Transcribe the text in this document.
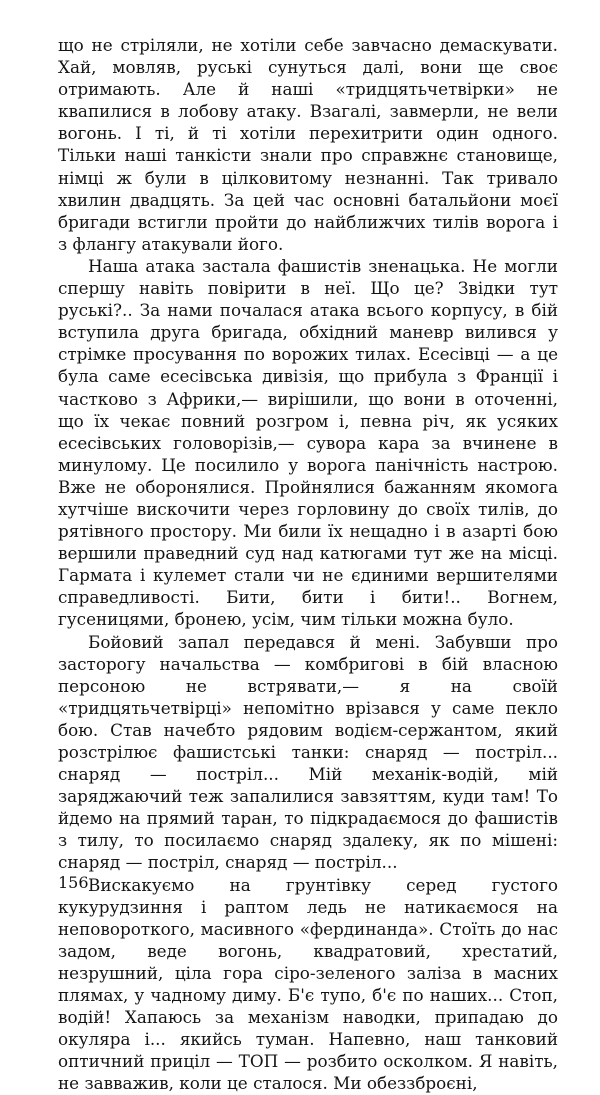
що не стріляли, не хотіли себе завчасно демаскувати. Хай, мовляв, руські сунуться далі, вони ще своє отримають. Але й наші «тридцятьчетвірки» не квапилися в лобову атаку. Взагалі, завмерли, не вели вогонь. І ті, й ті хотіли перехитрити один одного. Тільки наші танкісти знали про справжнє становище, німці ж були в цілковитому незнанні. Так тривало хвилин двадцять. За цей час основні батальйони моєї бригади встигли пройти до найближчих тилів ворога і з флангу атакували його.

Наша атака застала фашистів зненацька. Не могли спершу навіть повірити в неї. Що це? Звідки тут руські?.. За нами почалася атака всього корпусу, в бій вступила друга бригада, обхідний маневр вилився у стрімке просування по ворожих тилах. Есесівці — а це була саме есесівська дивізія, що прибула з Франції і частково з Африки,— вирішили, що вони в оточенні, що їх чекає повний розгром і, певна річ, як усяких есесівських головорізів,— сувора кара за вчинене в минулому. Це посилило у ворога панічність настрою. Вже не оборонялися. Пройнялися бажанням якомога хутчіше вискочити через горловину до своїх тилів, до рятівного простору. Ми били їх нещадно і в азарті бою вершили праведний суд над катюгами тут же на місці. Гармата і кулемет стали чи не єдиними вершителями справедливості. Бити, бити і бити!.. Вогнем, гусеницями, бронею, усім, чим тільки можна було.

Бойовий запал передався й мені. Забувши про засторогу начальства — комбригові в бій власною персоною не встрявати,— я на своїй «тридцятьчетвірці» непомітно врізався у саме пекло бою. Став начебто рядовим водієм-сержантом, який розстрілює фашистські танки: снаряд — постріл... снаряд — постріл... Мій механік-водій, мій заряджаючий теж запалилися завзяттям, куди там! То йдемо на прямий таран, то підкрадаємося до фашистів з тилу, то посилаємо снаряд здалеку, як по мішені: снаряд — постріл, снаряд — постріл...

Вискакуємо на грунтівку серед густого кукурудзиння і раптом ледь не натикаємося на неповороткого, масивного «фердинанда». Стоїть до нас задом, веде вогонь, квадратовий, хрестатий, незрушний, ціла гора сіро-зеленого заліза в масних плямах, у чадному диму. Б'є тупо, б'є по наших... Стоп, водій! Хапаюсь за механізм наводки, припадаю до окуляра і... якийсь туман. Напевно, наш танковий оптичний приціл — ТОП — розбито осколком. Я навіть, не завважив, коли це сталося. Ми обеззброєні,

156
